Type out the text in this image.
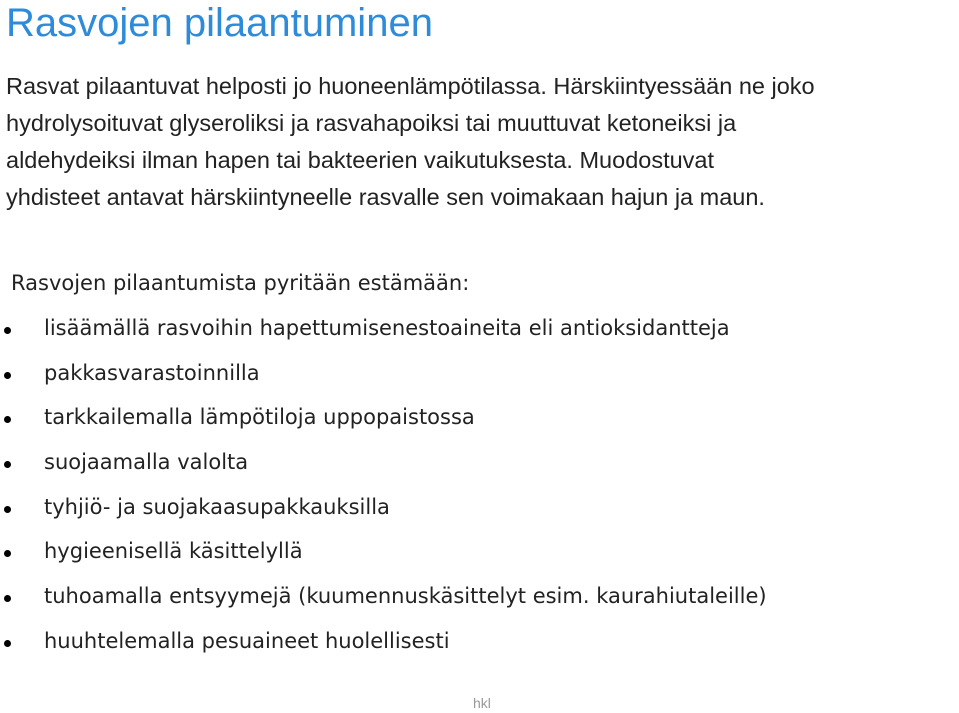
Rasvojen pilaantuminen
Rasvat pilaantuvat helposti jo huoneenlämpötilassa. Härskiintyessään ne joko
hydrolysoituvat glyseroliksi ja rasvahapoiksi tai muuttuvat ketoneiksi ja
aldehydeiksi ilman hapen tai bakteerien vaikutuksesta. Muodostuvat
yhdisteet antavat härskiintyneelle rasvalle sen voimakaan hajun ja maun.
Rasvojen pilaantumista pyritään estämään:
lisäämällä rasvoihin hapettumisenestoaineita eli antioksidantteja
pakkasvarastoinnilla
tarkkailemalla lämpötiloja uppopaistossa
suojaamalla valolta
tyhjiö- ja suojakaasupakkauksilla
hygieenisellä käsittelyllä
tuhoamalla entsyymejä (kuumennuskäsittelyt esim. kaurahiutaleille)
huuhtelemalla pesuaineet huolellisesti
hkl
